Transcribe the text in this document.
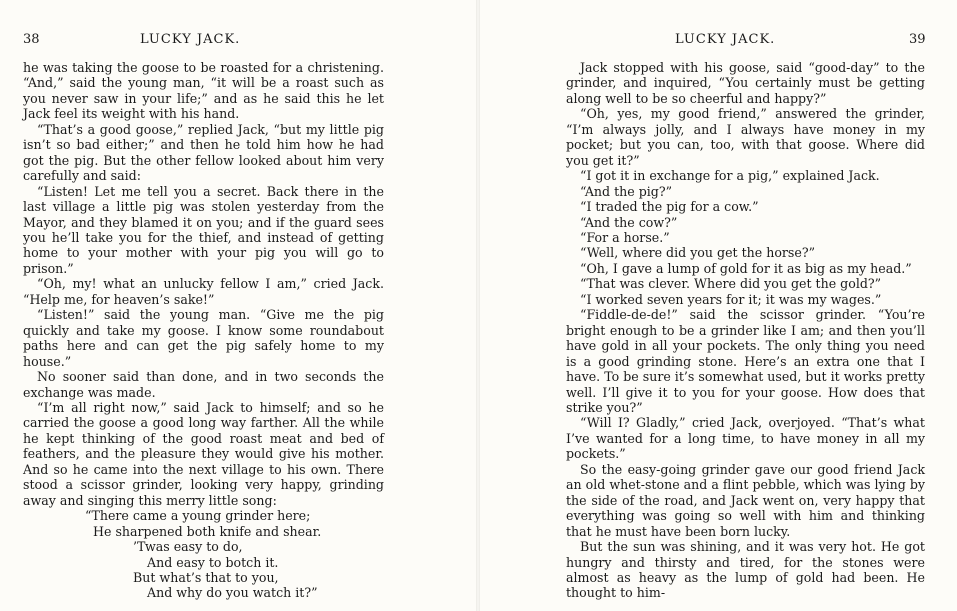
38	LUCKY JACK.

he was taking the goose to be roasted for a christening. “And,” said the young man, “it will be a roast such as you never saw in your life;” and as he said this he let Jack feel its weight with his hand.

“That’s a good goose,” replied Jack, “but my little pig isn’t so bad either;” and then he told him how he had got the pig. But the other fellow looked about him very carefully and said:

“Listen! Let me tell you a secret. Back there in the last village a little pig was stolen yesterday from the Mayor, and they blamed it on you; and if the guard sees you he’ll take you for the thief, and instead of getting home to your mother with your pig you will go to prison.”

“Oh, my! what an unlucky fellow I am,” cried Jack. “Help me, for heaven’s sake!”

“Listen!” said the young man. “Give me the pig quickly and take my goose. I know some roundabout paths here and can get the pig safely home to my house.”

No sooner said than done, and in two seconds the exchange was made.

“I’m all right now,” said Jack to himself; and so he carried the goose a good long way farther. All the while he kept thinking of the good roast meat and bed of feathers, and the pleasure they would give his mother. And so he came into the next village to his own. There stood a scissor grinder, looking very happy, grinding away and singing this merry little song:

“There came a young grinder here;
He sharpened both knife and shear.
’Twas easy to do,
And easy to botch it.
But what’s that to you,
And why do you watch it?”
LUCKY JACK.	39

Jack stopped with his goose, said “good-day” to the grinder, and inquired, “You certainly must be getting along well to be so cheerful and happy?”

“Oh, yes, my good friend,” answered the grinder, “I’m always jolly, and I always have money in my pocket; but you can, too, with that goose. Where did you get it?”

“I got it in exchange for a pig,” explained Jack.

“And the pig?”

“I traded the pig for a cow.”

“And the cow?”

“For a horse.”

“Well, where did you get the horse?”

“Oh, I gave a lump of gold for it as big as my head.”

“That was clever. Where did you get the gold?”

“I worked seven years for it; it was my wages.”

“Fiddle-de-de!” said the scissor grinder. “You’re bright enough to be a grinder like I am; and then you’ll have gold in all your pockets. The only thing you need is a good grinding stone. Here’s an extra one that I have. To be sure it’s somewhat used, but it works pretty well. I’ll give it to you for your goose. How does that strike you?”

“Will I? Gladly,” cried Jack, overjoyed. “That’s what I’ve wanted for a long time, to have money in all my pockets.”

So the easy-going grinder gave our good friend Jack an old whet-stone and a flint pebble, which was lying by the side of the road, and Jack went on, very happy that everything was going so well with him and thinking that he must have been born lucky.

But the sun was shining, and it was very hot. He got hungry and thirsty and tired, for the stones were almost as heavy as the lump of gold had been. He thought to him-
